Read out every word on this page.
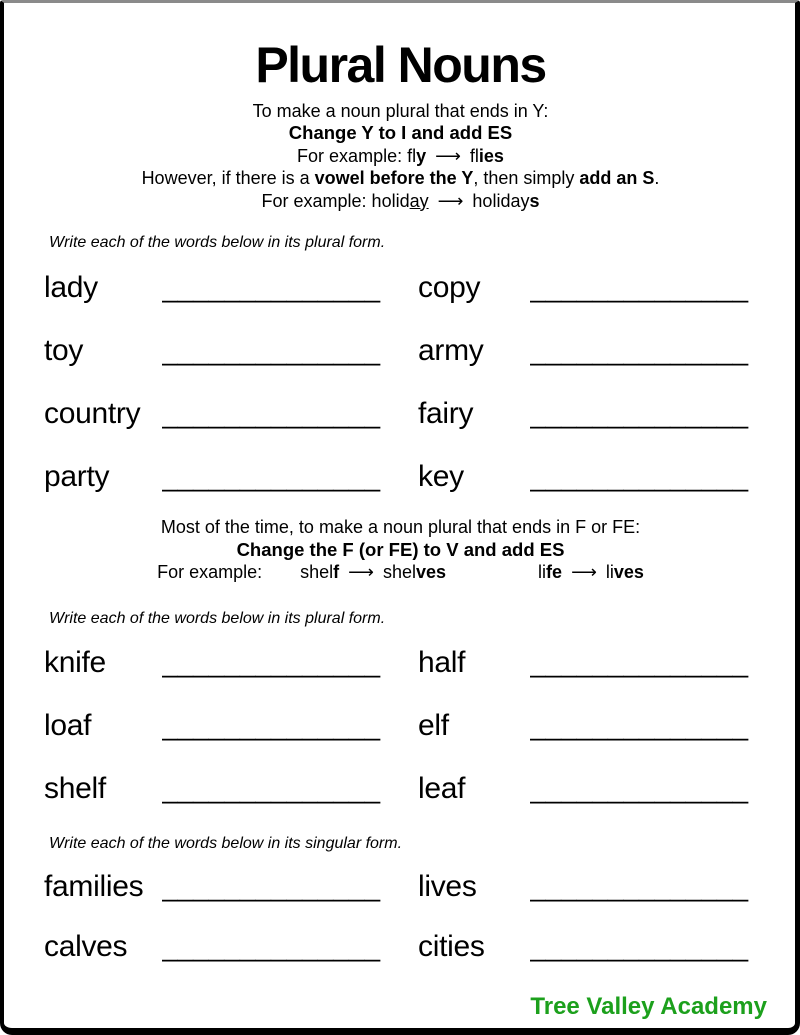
Plural Nouns
To make a noun plural that ends in Y:
Change Y to I and add ES
For example: fly ⟶ flies
However, if there is a vowel before the Y, then simply add an S.
For example: holiday ⟶ holidays
Write each of the words below in its plural form.
lady	______________ copy	______________
toy	______________ army	______________
country ______________ fairy	______________
party	______________ key	______________
Most of the time, to make a noun plural that ends in F or FE:
Change the F (or FE) to V and add ES
For example: shelf ⟶ shelves	life ⟶ lives
Write each of the words below in its plural form.
knife	______________ half	______________
loaf	______________ elf	______________
shelf	______________ leaf	______________
Write each of the words below in its singular form.
families ______________ lives	______________
calves	______________ cities	______________
Tree Valley Academy
